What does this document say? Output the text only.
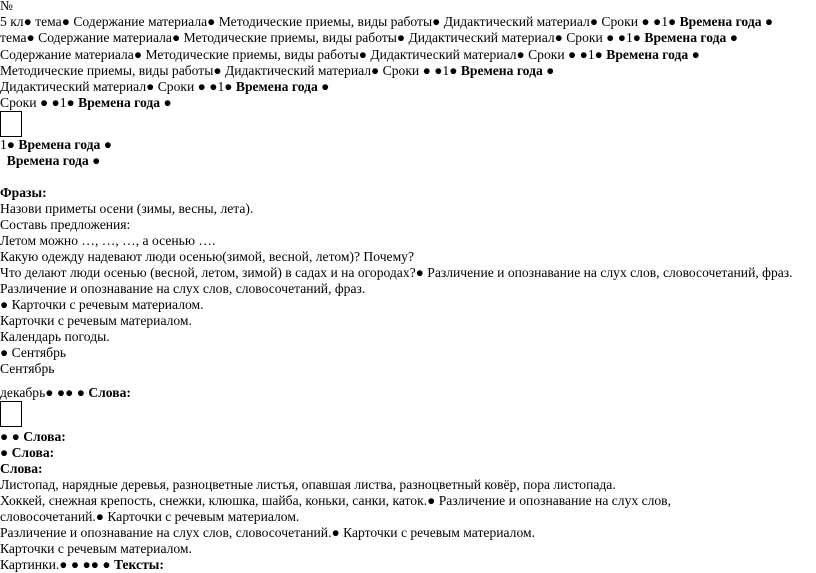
№
5 кл● тема● Содержание материала● Методические приемы, виды работы● Дидактический материал● Сроки ● ●1● Времена года ●
тема● Содержание материала● Методические приемы, виды работы● Дидактический материал● Сроки ● ●1● Времена года ●
Содержание материала● Методические приемы, виды работы● Дидактический материал● Сроки ● ●1● Времена года ●
Методические приемы, виды работы● Дидактический материал● Сроки ● ●1● Времена года ●
Дидактический материал● Сроки ● ●1● Времена года ●
Сроки ● ●1● Времена года ●
1● Времена года ●
Времена года ●
Фразы:
Назови приметы осени (зимы, весны, лета).
Составь предложения:
Летом можно …, …, …, а осенью ….
Какую одежду надевают люди осенью(зимой, весной, летом)? Почему?
Что делают люди осенью (весной, летом, зимой) в садах и на огородах?● Различение и опознавание на слух слов, словосочетаний, фраз.
Различение и опознавание на слух слов, словосочетаний, фраз.
● Карточки с речевым материалом.
Карточки с речевым материалом.
Календарь погоды.
● Сентябрь
Сентябрь
декабрь● ●● ● Слова:
● ● Слова:
● Слова:
Слова:
Листопад, нарядные деревья, разноцветные листья, опавшая листва, разноцветный ковёр, пора листопада.
Хоккей, снежная крепость, снежки, клюшка, шайба, коньки, санки, каток.● Различение и опознавание на слух слов,
словосочетаний.● Карточки с речевым материалом.
Различение и опознавание на слух слов, словосочетаний.● Карточки с речевым материалом.
Карточки с речевым материалом.
Картинки.● ● ●● ● Тексты:
